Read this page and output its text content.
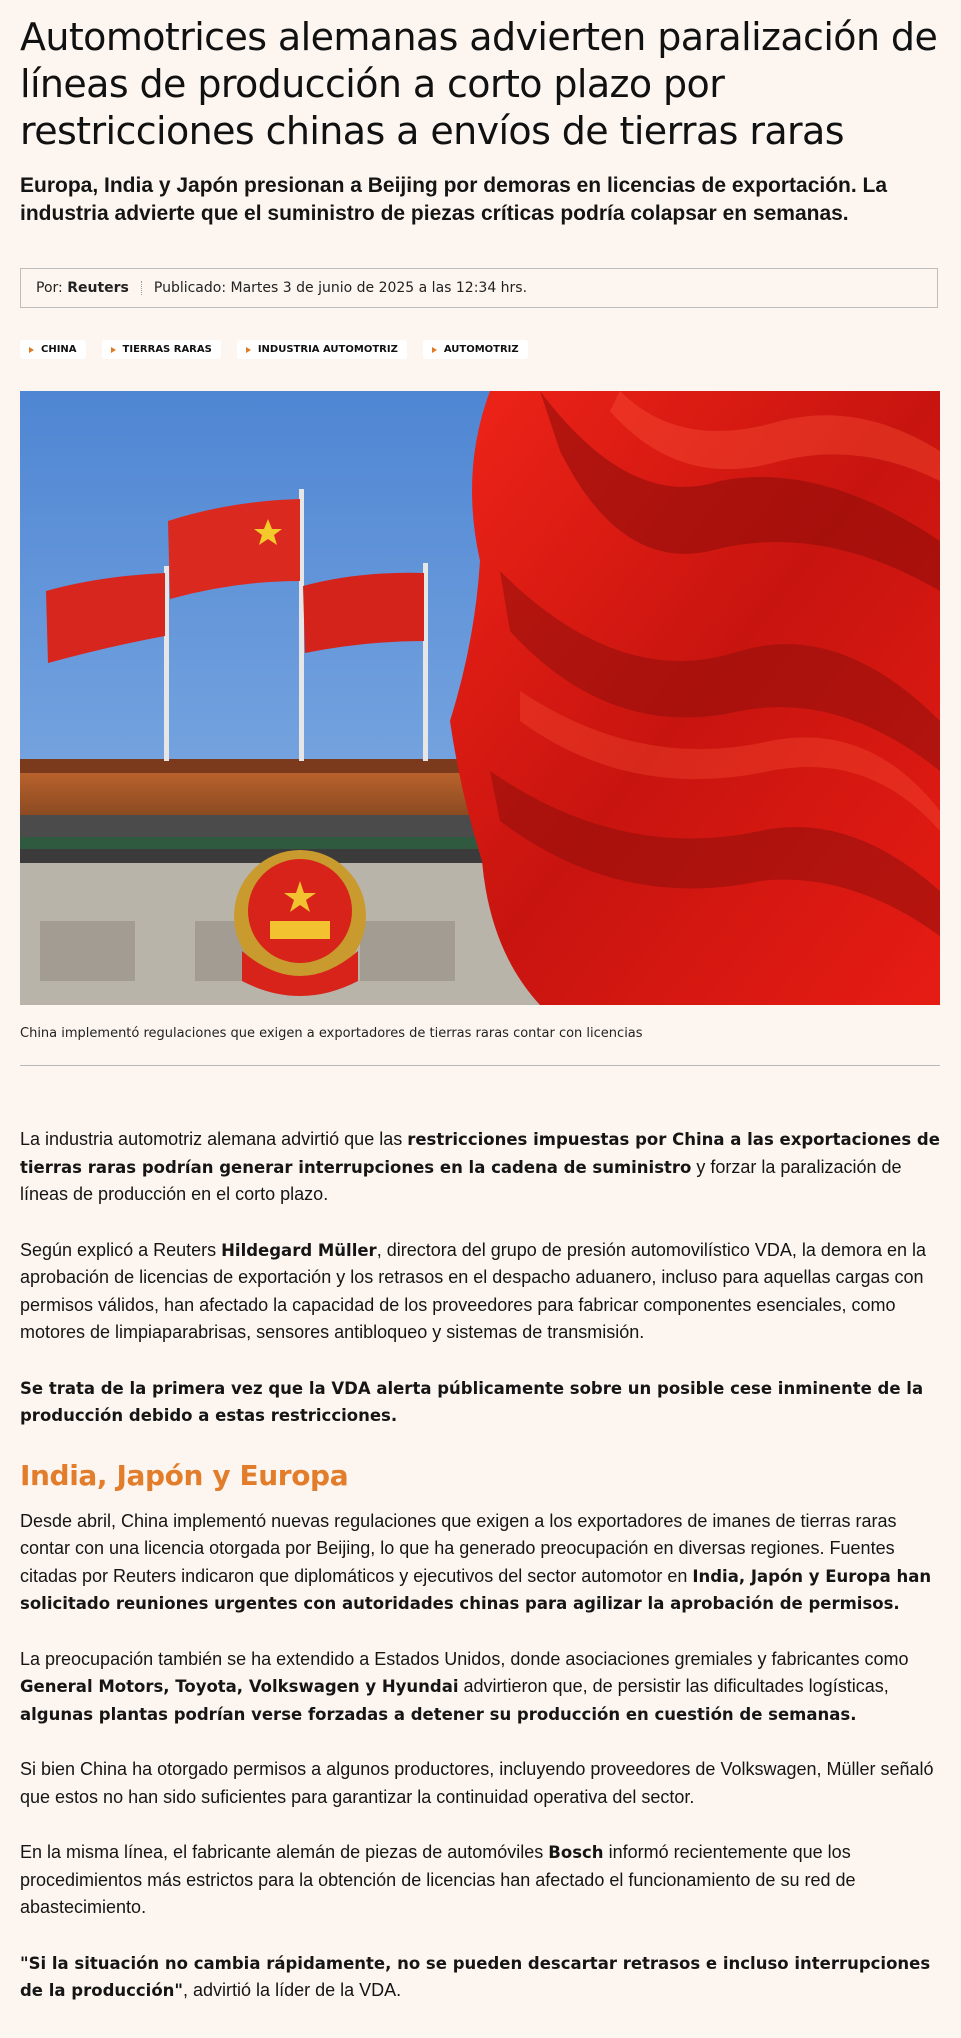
Automotrices alemanas advierten paralización de líneas de producción a corto plazo por restricciones chinas a envíos de tierras raras

Europa, India y Japón presionan a Beijing por demoras en licencias de exportación. La industria advierte que el suministro de piezas críticas podría colapsar en semanas.

Por:
Reuters Publicado: Martes 3 de junio de 2025 a las 12:34 hrs.
CHINA	TIERRAS RARAS	INDUSTRIA AUTOMOTRIZ	AUTOMOTRIZ
China implementó regulaciones que exigen a exportadores de tierras raras contar con licencias

La industria automotriz alemana advirtió que las restricciones impuestas por China a las exportaciones de tierras raras podrían generar interrupciones en la cadena de suministro y forzar la paralización de líneas de producción en el corto plazo.

Según explicó a Reuters Hildegard Müller, directora del grupo de presión automovilístico VDA, la demora en la aprobación de licencias de exportación y los retrasos en el despacho aduanero, incluso para aquellas cargas con permisos válidos, han afectado la capacidad de los proveedores para fabricar componentes esenciales, como motores de limpiaparabrisas, sensores antibloqueo y sistemas de transmisión.

Se trata de la primera vez que la VDA alerta públicamente sobre un posible cese inminente de la producción debido a estas restricciones.

India, Japón y Europa

Desde abril, China implementó nuevas regulaciones que exigen a los exportadores de imanes de tierras raras contar con una licencia otorgada por Beijing, lo que ha generado preocupación en diversas regiones. Fuentes citadas por Reuters indicaron que diplomáticos y ejecutivos del sector automotor en India, Japón y Europa han solicitado reuniones urgentes con autoridades chinas para agilizar la aprobación de permisos.

La preocupación también se ha extendido a Estados Unidos, donde asociaciones gremiales y fabricantes como General Motors, Toyota, Volkswagen y Hyundai advirtieron que, de persistir las dificultades logísticas, algunas plantas podrían verse forzadas a detener su producción en cuestión de semanas.

Si bien China ha otorgado permisos a algunos productores, incluyendo proveedores de Volkswagen, Müller señaló que estos no han sido suficientes para garantizar la continuidad operativa del sector.

En la misma línea, el fabricante alemán de piezas de automóviles Bosch informó recientemente que los procedimientos más estrictos para la obtención de licencias han afectado el funcionamiento de su red de abastecimiento.

"Si la situación no cambia rápidamente, no se pueden descartar retrasos e incluso interrupciones de la producción", advirtió la líder de la VDA.
